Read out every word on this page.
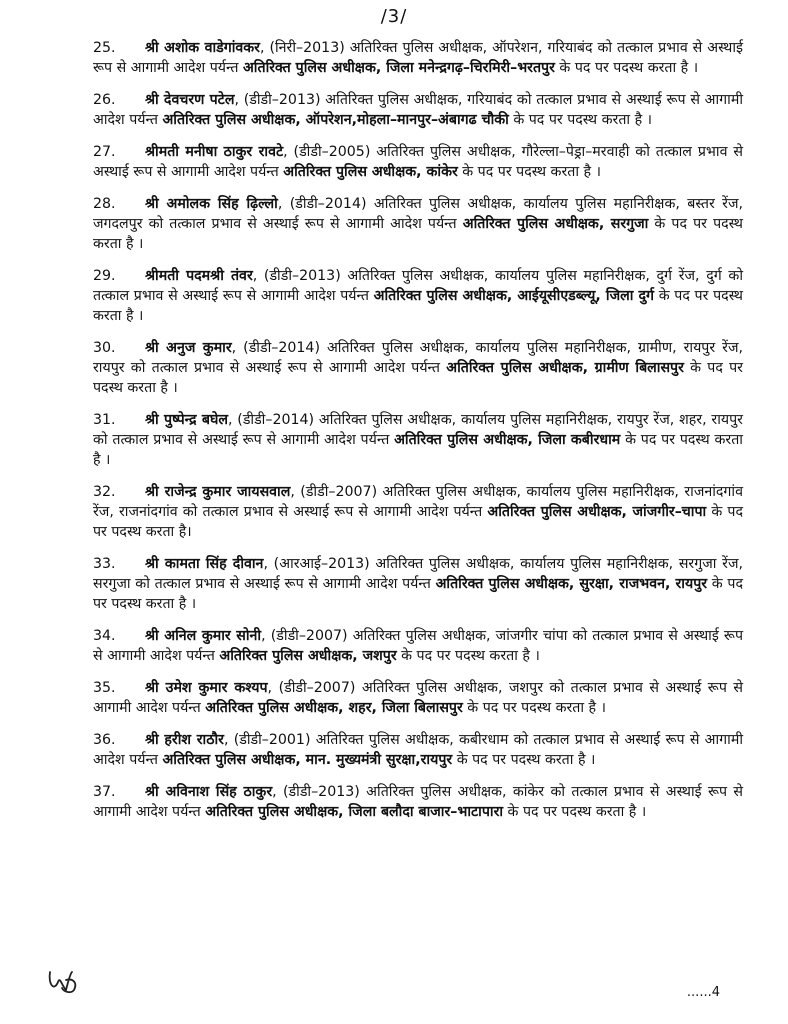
/3/

25. श्री अशोक वाडेगांवकर, (निरी–2013) अतिरिक्त पुलिस अधीक्षक, ऑपरेशन, गरियाबंद को तत्काल प्रभाव से अस्थाई रूप से आगामी आदेश पर्यन्त अतिरिक्त पुलिस अधीक्षक, जिला मनेन्द्रगढ़–चिरमिरी–भरतपुर के पद पर पदस्थ करता है ।

26. श्री देवचरण पटेल, (डीडी–2013) अतिरिक्त पुलिस अधीक्षक, गरियाबंद को तत्काल प्रभाव से अस्थाई रूप से आगामी आदेश पर्यन्त अतिरिक्त पुलिस अधीक्षक, ऑपरेशन,मोहला–मानपुर–अंबागढ चौकी के पद पर पदस्थ करता है ।

27. श्रीमती मनीषा ठाकुर रावटे, (डीडी–2005) अतिरिक्त पुलिस अधीक्षक, गौरेल्ला–पेड्रा–मरवाही को तत्काल प्रभाव से अस्थाई रूप से आगामी आदेश पर्यन्त अतिरिक्त पुलिस अधीक्षक, कांकेर के पद पर पदस्थ करता है ।

28. श्री अमोलक सिंह ढ़िल्लो, (डीडी–2014) अतिरिक्त पुलिस अधीक्षक, कार्यालय पुलिस महानिरीक्षक, बस्तर रेंज, जगदलपुर को तत्काल प्रभाव से अस्थाई रूप से आगामी आदेश पर्यन्त अतिरिक्त पुलिस अधीक्षक, सरगुजा के पद पर पदस्थ करता है ।

29. श्रीमती पदमश्री तंवर, (डीडी–2013) अतिरिक्त पुलिस अधीक्षक, कार्यालय पुलिस महानिरीक्षक, दुर्ग रेंज, दुर्ग को तत्काल प्रभाव से अस्थाई रूप से आगामी आदेश पर्यन्त अतिरिक्त पुलिस अधीक्षक, आईयूसीएडब्ल्यू, जिला दुर्ग के पद पर पदस्थ करता है ।

30. श्री अनुज कुमार, (डीडी–2014) अतिरिक्त पुलिस अधीक्षक, कार्यालय पुलिस महानिरीक्षक, ग्रामीण, रायपुर रेंज, रायपुर को तत्काल प्रभाव से अस्थाई रूप से आगामी आदेश पर्यन्त अतिरिक्त पुलिस अधीक्षक, ग्रामीण बिलासपुर के पद पर पदस्थ करता है ।

31. श्री पुष्पेन्द्र बघेल, (डीडी–2014) अतिरिक्त पुलिस अधीक्षक, कार्यालय पुलिस महानिरीक्षक, रायपुर रेंज, शहर, रायपुर को तत्काल प्रभाव से अस्थाई रूप से आगामी आदेश पर्यन्त अतिरिक्त पुलिस अधीक्षक, जिला कबीरधाम के पद पर पदस्थ करता है ।

32. श्री राजेन्द्र कुमार जायसवाल, (डीडी–2007) अतिरिक्त पुलिस अधीक्षक, कार्यालय पुलिस महानिरीक्षक, राजनांदगांव रेंज, राजनांदगांव को तत्काल प्रभाव से अस्थाई रूप से आगामी आदेश पर्यन्त अतिरिक्त पुलिस अधीक्षक, जांजगीर–चापा के पद पर पदस्थ करता है।

33. श्री कामता सिंह दीवान, (आरआई–2013) अतिरिक्त पुलिस अधीक्षक, कार्यालय पुलिस महानिरीक्षक, सरगुजा रेंज, सरगुजा को तत्काल प्रभाव से अस्थाई रूप से आगामी आदेश पर्यन्त अतिरिक्त पुलिस अधीक्षक, सुरक्षा, राजभवन, रायपुर के पद पर पदस्थ करता है ।

34. श्री अनिल कुमार सोनी, (डीडी–2007) अतिरिक्त पुलिस अधीक्षक, जांजगीर चांपा को तत्काल प्रभाव से अस्थाई रूप से आगामी आदेश पर्यन्त अतिरिक्त पुलिस अधीक्षक, जशपुर के पद पर पदस्थ करता है ।

35. श्री उमेश कुमार कश्यप, (डीडी–2007) अतिरिक्त पुलिस अधीक्षक, जशपुर को तत्काल प्रभाव से अस्थाई रूप से आगामी आदेश पर्यन्त अतिरिक्त पुलिस अधीक्षक, शहर, जिला बिलासपुर के पद पर पदस्थ करता है ।

36. श्री हरीश राठौर, (डीडी–2001) अतिरिक्त पुलिस अधीक्षक, कबीरधाम को तत्काल प्रभाव से अस्थाई रूप से आगामी आदेश पर्यन्त अतिरिक्त पुलिस अधीक्षक, मान. मुख्यमंत्री सुरक्षा,रायपुर के पद पर पदस्थ करता है ।

37. श्री अविनाश सिंह ठाकुर, (डीडी–2013) अतिरिक्त पुलिस अधीक्षक, कांकेर को तत्काल प्रभाव से अस्थाई रूप से आगामी आदेश पर्यन्त अतिरिक्त पुलिस अधीक्षक, जिला बलौदा बाजार–भाटापारा के पद पर पदस्थ करता है ।

......4
